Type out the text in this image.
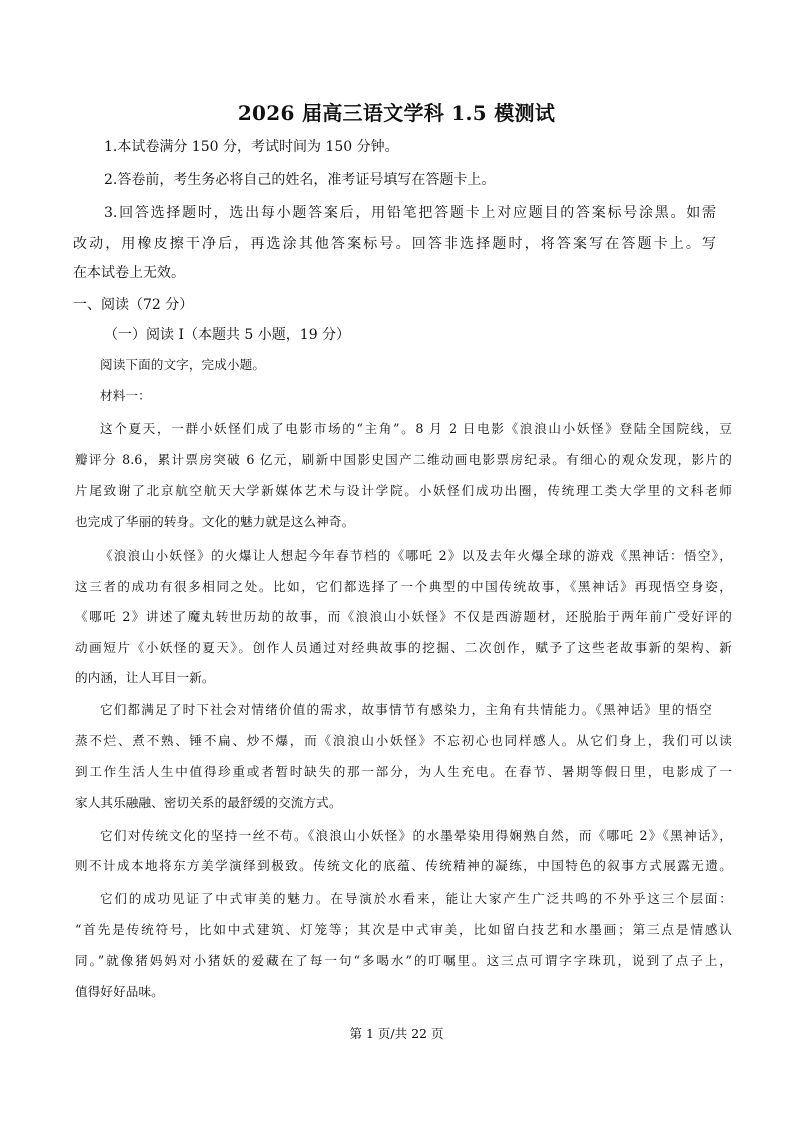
2026 届高三语文学科 1.5 模测试
1.本试卷满分 150 分，考试时间为 150 分钟。
2.答卷前，考生务必将自己的姓名，准考证号填写在答题卡上。
3.回答选择题时，选出每小题答案后，用铅笔把答题卡上对应题目的答案标号涂黑。如需
改动，用橡皮擦干净后，再选涂其他答案标号。回答非选择题时，将答案写在答题卡上。写
在本试卷上无效。
一、阅读（72 分）
（一）阅读 I（本题共 5 小题，19 分）
阅读下面的文字，完成小题。
材料一：
这个夏天，一群小妖怪们成了电影市场的“主角”。8 月 2 日电影《浪浪山小妖怪》登陆全国院线，豆
瓣评分 8.6，累计票房突破 6 亿元，刷新中国影史国产二维动画电影票房纪录。有细心的观众发现，影片的
片尾致谢了北京航空航天大学新媒体艺术与设计学院。小妖怪们成功出圈，传统理工类大学里的文科老师
也完成了华丽的转身。文化的魅力就是这么神奇。
《浪浪山小妖怪》的火爆让人想起今年春节档的《哪吒 2》以及去年火爆全球的游戏《黑神话：悟空》，
这三者的成功有很多相同之处。比如，它们都选择了一个典型的中国传统故事，《黑神话》再现悟空身姿，
《哪吒 2》讲述了魔丸转世历劫的故事，而《浪浪山小妖怪》不仅是西游题材，还脱胎于两年前广受好评的
动画短片《小妖怪的夏天》。创作人员通过对经典故事的挖掘、二次创作，赋予了这些老故事新的架构、新
的内涵，让人耳目一新。
它们都满足了时下社会对情绪价值的需求，故事情节有感染力，主角有共情能力。《黑神话》里的悟空
蒸不烂、煮不熟、锤不扁、炒不爆，而《浪浪山小妖怪》不忘初心也同样感人。从它们身上，我们可以读
到工作生活人生中值得珍重或者暂时缺失的那一部分，为人生充电。在春节、暑期等假日里，电影成了一
家人其乐融融、密切关系的最舒缓的交流方式。
它们对传统文化的坚持一丝不苟。《浪浪山小妖怪》的水墨晕染用得娴熟自然，而《哪吒 2》《黑神话》，
则不计成本地将东方美学演绎到极致。传统文化的底蕴、传统精神的凝练，中国特色的叙事方式展露无遗。
它们的成功见证了中式审美的魅力。在导演於水看来，能让大家产生广泛共鸣的不外乎这三个层面：
“首先是传统符号，比如中式建筑、灯笼等；其次是中式审美，比如留白技艺和水墨画；第三点是情感认
同。”就像猪妈妈对小猪妖的爱藏在了每一句“多喝水”的叮嘱里。这三点可谓字字珠玑，说到了点子上，
值得好好品味。
第 1 页/共 22 页
